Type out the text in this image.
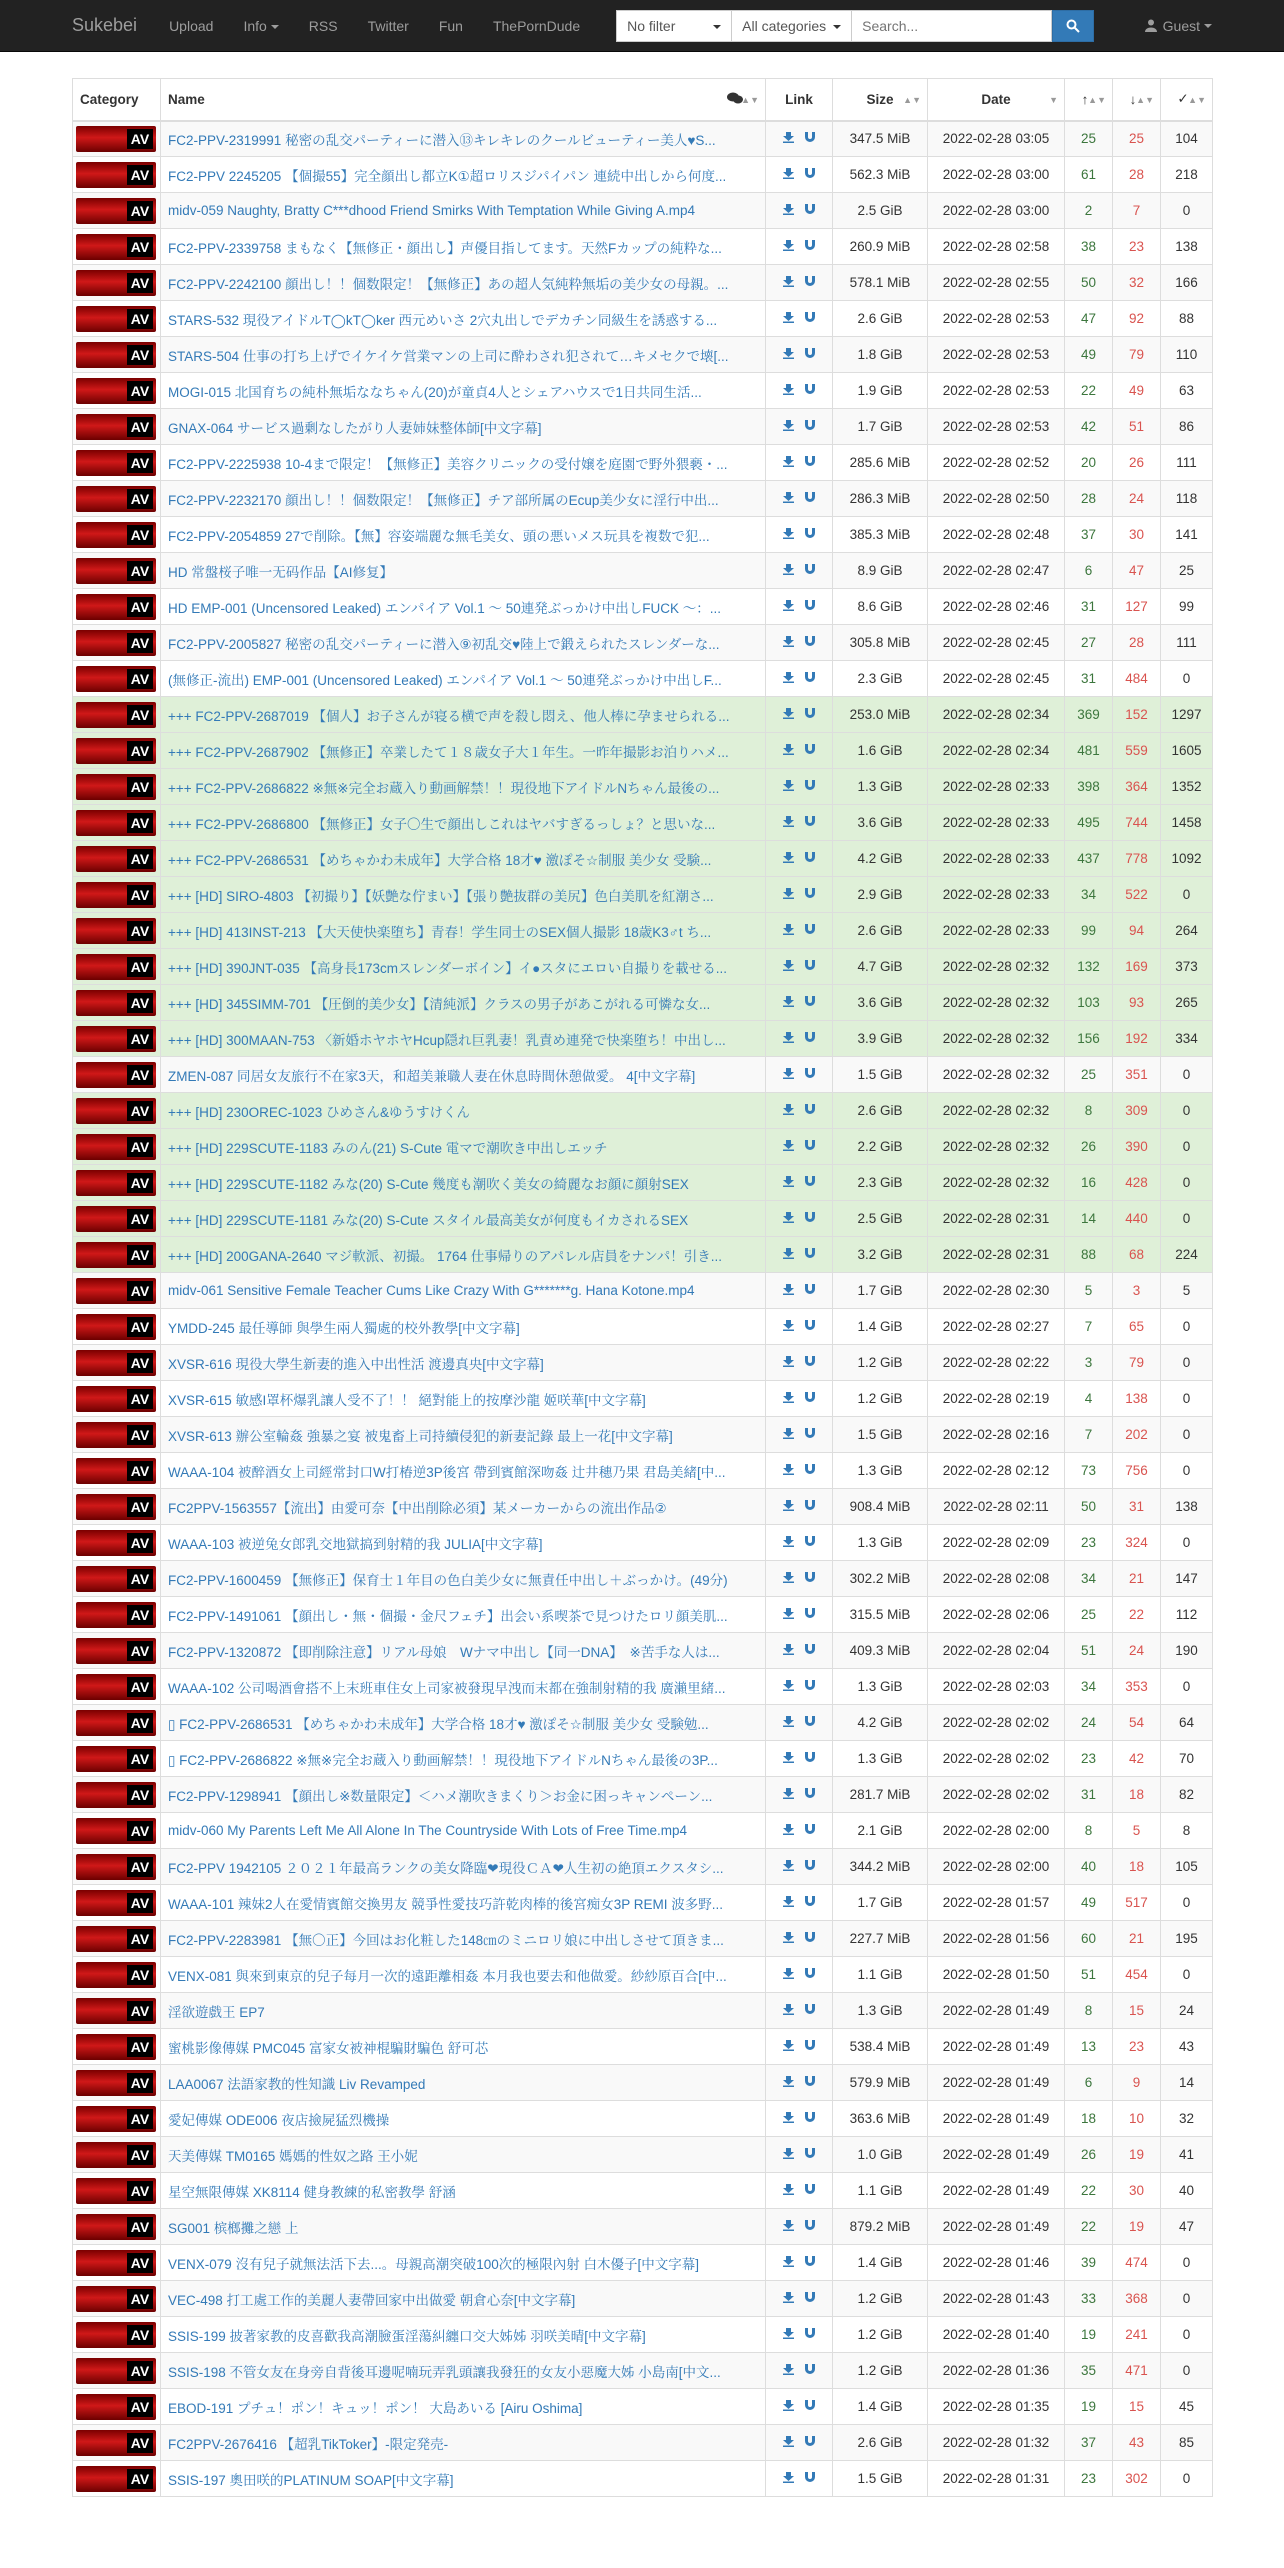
Sukebei Upload Info	RSS Twitter Fun ThePornDude	No filter	All categories
Search...	Guest
Category	Name ▲▼	Link	Size ▲▼	Date ▼	↑ ▲▼	↓ ▲▼	✓ ▲▼

AV	FC2-PPV-2319991 秘密の乱交パーティーに潜入⑬キレキレのクールビューティー美人♥S...		347.5 MiB	2022-02-28 03:05	25	25	104

AV	FC2-PPV 2245205 【個撮55】完全顔出し都立K①超ロリスジパイパン 連続中出しから何度...		562.3 MiB	2022-02-28 03:00	61	28	218

AV	midv-059 Naughty, Bratty C***dhood Friend Smirks With Temptation While Giving A.mp4		2.5 GiB	2022-02-28 03:00	2	7	0

AV	FC2-PPV-2339758 まもなく【無修正・顔出し】声優目指してます。天然Fカップの純粋な...		260.9 MiB	2022-02-28 02:58	38	23	138

AV	FC2-PPV-2242100 顔出し！！個数限定！【無修正】あの超人気純粋無垢の美少女の母親。...		578.1 MiB	2022-02-28 02:55	50	32	166

AV	STARS-532 現役アイドルT◯kT◯ker 西元めいさ 2穴丸出しでデカチン同級生を誘惑する...		2.6 GiB	2022-02-28 02:53	47	92	88

AV	STARS-504 仕事の打ち上げでイケイケ営業マンの上司に酔わされ犯されて…キメセクで壊[...		1.8 GiB	2022-02-28 02:53	49	79	110

AV	MOGI-015 北国育ちの純朴無垢ななちゃん(20)が童貞4人とシェアハウスで1日共同生活...		1.9 GiB	2022-02-28 02:53	22	49	63

AV	GNAX-064 サービス過剰なしたがり人妻姉妹整体師[中文字幕]		1.7 GiB	2022-02-28 02:53	42	51	86

AV	FC2-PPV-2225938 10-4まで限定！【無修正】美容クリニックの受付嬢を庭園で野外猥褻・...		285.6 MiB	2022-02-28 02:52	20	26	111

AV	FC2-PPV-2232170 顔出し！！個数限定！【無修正】チア部所属のEcup美少女に淫行中出...		286.3 MiB	2022-02-28 02:50	28	24	118

AV	FC2-PPV-2054859 27で削除。【無】容姿端麗な無毛美女、頭の悪いメス玩具を複数で犯...		385.3 MiB	2022-02-28 02:48	37	30	141

AV	HD 常盤桜子唯一无码作品【AI修复】		8.9 GiB	2022-02-28 02:47	6	47	25

AV	HD EMP-001 (Uncensored Leaked) エンパイア Vol.1 ～ 50連発ぶっかけ中出しFUCK ～：...		8.6 GiB	2022-02-28 02:46	31	127	99

AV	FC2-PPV-2005827 秘密の乱交パーティーに潜入⑨初乱交♥陸上で鍛えられたスレンダーな...		305.8 MiB	2022-02-28 02:45	27	28	111

AV	(無修正-流出) EMP-001 (Uncensored Leaked) エンパイア Vol.1 ～ 50連発ぶっかけ中出しF...		2.3 GiB	2022-02-28 02:45	31	484	0

AV	+++ FC2-PPV-2687019 【個人】お子さんが寝る横で声を殺し悶え、他人棒に孕ませられる...		253.0 MiB	2022-02-28 02:34	369	152	1297

AV	+++ FC2-PPV-2687902 【無修正】卒業したて１８歳女子大１年生。一昨年撮影お泊りハメ...		1.6 GiB	2022-02-28 02:34	481	559	1605

AV	+++ FC2-PPV-2686822 ※無※完全お蔵入り動画解禁！！現役地下アイドルNちゃん最後の...		1.3 GiB	2022-02-28 02:33	398	364	1352

AV	+++ FC2-PPV-2686800 【無修正】女子〇生で顔出しこれはヤバすぎるっしょ？と思いな...		3.6 GiB	2022-02-28 02:33	495	744	1458

AV	+++ FC2-PPV-2686531 【めちゃかわ未成年】大学合格 18才♥ 激ぽそ☆制服 美少女 受験...		4.2 GiB	2022-02-28 02:33	437	778	1092

AV	+++ [HD] SIRO-4803 【初撮り】【妖艶な佇まい】【張り艶抜群の美尻】色白美肌を紅潮さ...		2.9 GiB	2022-02-28 02:33	34	522	0

AV	+++ [HD] 413INST-213 【大天使快楽堕ち】青春！学生同士のSEX個人撮影 18歳K3♂t ち...		2.6 GiB	2022-02-28 02:33	99	94	264

AV	+++ [HD] 390JNT-035 【高身長173cmスレンダーボイン】イ●スタにエロい自撮りを載せる...		4.7 GiB	2022-02-28 02:32	132	169	373

AV	+++ [HD] 345SIMM-701 【圧倒的美少女】【清純派】クラスの男子があこがれる可憐な女...		3.6 GiB	2022-02-28 02:32	103	93	265

AV	+++ [HD] 300MAAN-753 〈新婚ホヤホヤHcup隠れ巨乳妻！乳責め連発で快楽堕ち！中出し...		3.9 GiB	2022-02-28 02:32	156	192	334

AV	ZMEN-087 同居女友旅行不在家3天，和超美兼職人妻在休息時間休憩做愛。 4[中文字幕]		1.5 GiB	2022-02-28 02:32	25	351	0

AV	+++ [HD] 230OREC-1023 ひめさん&ゆうすけくん		2.6 GiB	2022-02-28 02:32	8	309	0

AV	+++ [HD] 229SCUTE-1183 みのん(21) S-Cute 電マで潮吹き中出しエッチ		2.2 GiB	2022-02-28 02:32	26	390	0

AV	+++ [HD] 229SCUTE-1182 みな(20) S-Cute 幾度も潮吹く美女の綺麗なお顔に顔射SEX		2.3 GiB	2022-02-28 02:32	16	428	0

AV	+++ [HD] 229SCUTE-1181 みな(20) S-Cute スタイル最高美女が何度もイカされるSEX		2.5 GiB	2022-02-28 02:31	14	440	0

AV	+++ [HD] 200GANA-2640 マジ軟派、初撮。 1764 仕事帰りのアパレル店員をナンパ！引き...		3.2 GiB	2022-02-28 02:31	88	68	224

AV	midv-061 Sensitive Female Teacher Cums Like Crazy With G*******g. Hana Kotone.mp4		1.7 GiB	2022-02-28 02:30	5	3	5

AV	YMDD-245 最任導師 與學生兩人獨處的校外教學[中文字幕]		1.4 GiB	2022-02-28 02:27	7	65	0

AV	XVSR-616 現役大學生新妻的進入中出性活 渡邊真央[中文字幕]		1.2 GiB	2022-02-28 02:22	3	79	0

AV	XVSR-615 敏感I罩杯爆乳讓人受不了！！ 絕對能上的按摩沙龍 姬咲華[中文字幕]		1.2 GiB	2022-02-28 02:19	4	138	0

AV	XVSR-613 辦公室輪姦 強暴之宴 被鬼畜上司持續侵犯的新妻記錄 最上一花[中文字幕]		1.5 GiB	2022-02-28 02:16	7	202	0

AV	WAAA-104 被醉酒女上司經常封口W打椿逆3P後宮 帶到賓館深吻姦 辻井穗乃果 君島美緒[中...		1.3 GiB	2022-02-28 02:12	73	756	0

AV	FC2PPV-1563557【流出】由愛可奈【中出削除必須】某メーカーからの流出作品②		908.4 MiB	2022-02-28 02:11	50	31	138

AV	WAAA-103 被逆兔女郎乳交地獄搞到射精的我 JULIA[中文字幕]		1.3 GiB	2022-02-28 02:09	23	324	0

AV	FC2-PPV-1600459 【無修正】保育士１年目の色白美少女に無責任中出し＋ぶっかけ。(49分)		302.2 MiB	2022-02-28 02:08	34	21	147

AV	FC2-PPV-1491061 【顔出し・無・個撮・金尺フェチ】出会い系喫茶で見つけたロリ顔美肌...		315.5 MiB	2022-02-28 02:06	25	22	112

AV	FC2-PPV-1320872 【即削除注意】リアル母娘　Wナマ中出し【同一DNA】　※苦手な人は...		409.3 MiB	2022-02-28 02:04	51	24	190

AV	WAAA-102 公司喝酒會搭不上末班車住女上司家被發現早洩而末都在強制射精的我 廣瀨里緒...		1.3 GiB	2022-02-28 02:03	34	353	0

AV	▯ FC2-PPV-2686531 【めちゃかわ未成年】大学合格 18才♥ 激ぽそ☆制服 美少女 受験勉...		4.2 GiB	2022-02-28 02:02	24	54	64

AV	▯ FC2-PPV-2686822 ※無※完全お蔵入り動画解禁！！現役地下アイドルNちゃん最後の3P...		1.3 GiB	2022-02-28 02:02	23	42	70

AV	FC2-PPV-1298941 【顔出し※数量限定】＜ハメ潮吹きまくり＞お金に困っキャンペーン...		281.7 MiB	2022-02-28 02:02	31	18	82

AV	midv-060 My Parents Left Me All Alone In The Countryside With Lots of Free Time.mp4		2.1 GiB	2022-02-28 02:00	8	5	8

AV	FC2-PPV 1942105 ２０２１年最高ランクの美女降臨❤現役ＣＡ❤人生初の絶頂エクスタシ...		344.2 MiB	2022-02-28 02:00	40	18	105

AV	WAAA-101 辣妹2人在愛情賓館交換男友 競爭性愛技巧許乾肉棒的後宮痴女3P REMI 波多野...		1.7 GiB	2022-02-28 01:57	49	517	0

AV	FC2-PPV-2283981 【無〇正】今回はお化粧した148㎝のミニロリ娘に中出しさせて頂きま...		227.7 MiB	2022-02-28 01:56	60	21	195

AV	VENX-081 與來到東京的兒子每月一次的遠距離相姦 本月我也要去和他做愛。紗紗原百合[中...		1.1 GiB	2022-02-28 01:50	51	454	0

AV	淫欲遊戲王 EP7		1.3 GiB	2022-02-28 01:49	8	15	24

AV	蜜桃影像傳媒 PMC045 富家女被神棍騙財騙色 舒可芯		538.4 MiB	2022-02-28 01:49	13	23	43

AV	LAA0067 法語家教的性知識 Liv Revamped		579.9 MiB	2022-02-28 01:49	6	9	14

AV	愛妃傳媒 ODE006 夜店撿屍猛烈機操		363.6 MiB	2022-02-28 01:49	18	10	32

AV	天美傳媒 TM0165 媽媽的性奴之路 王小妮		1.0 GiB	2022-02-28 01:49	26	19	41

AV	星空無限傳媒 XK8114 健身教練的私密教學 舒涵		1.1 GiB	2022-02-28 01:49	22	30	40

AV	SG001 槟榔攤之戀 上		879.2 MiB	2022-02-28 01:49	22	19	47

AV	VENX-079 沒有兒子就無法活下去...。母親高潮突破100次的極限內射 白木優子[中文字幕]		1.4 GiB	2022-02-28 01:46	39	474	0

AV	VEC-498 打工處工作的美麗人妻帶回家中出做愛 朝倉心奈[中文字幕]		1.2 GiB	2022-02-28 01:43	33	368	0

AV	SSIS-199 披著家教的皮喜歡我高潮臉蛋淫蕩糾纏口交大姊姊 羽咲美晴[中文字幕]		1.2 GiB	2022-02-28 01:40	19	241	0

AV	SSIS-198 不管女友在身旁自背後耳邊呢喃玩弄乳頭讓我發狂的女友小惡魔大姊 小島南[中文...		1.2 GiB	2022-02-28 01:36	35	471	0

AV	EBOD-191 プチュ！ポン！キュッ！ポン！ 大島あいる [Airu Oshima]		1.4 GiB	2022-02-28 01:35	19	15	45

AV	FC2PPV-2676416 【超乳TikToker】-限定発売-		2.6 GiB	2022-02-28 01:32	37	43	85

AV	SSIS-197 奧田咲的PLATINUM SOAP[中文字幕]		1.5 GiB	2022-02-28 01:31	23	302	0
